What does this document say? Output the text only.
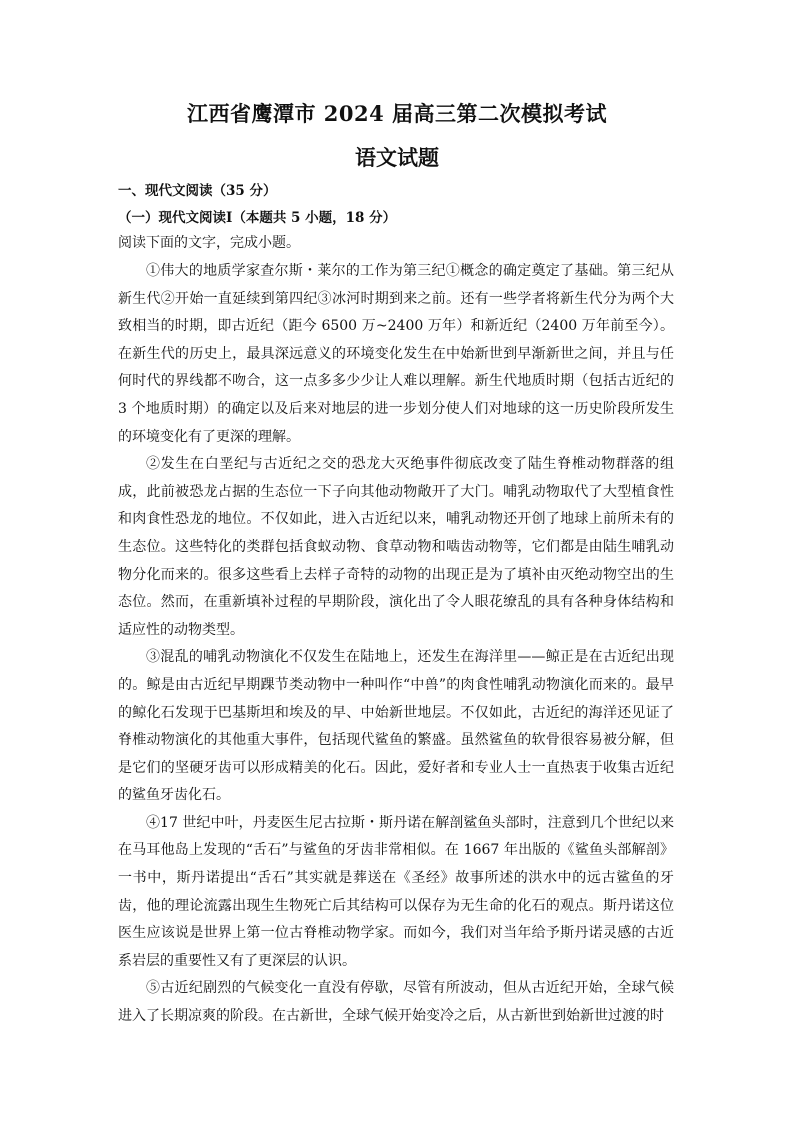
江西省鹰潭市 2024 届高三第二次模拟考试
语文试题
一、现代文阅读（35 分）
（一）现代文阅读Ⅰ（本题共 5 小题，18 分）
阅读下面的文字，完成小题。

①伟大的地质学家查尔斯・莱尔的工作为第三纪①概念的确定奠定了基础。第三纪从新生代②开始一直延续到第四纪③冰河时期到来之前。还有一些学者将新生代分为两个大致相当的时期，即古近纪（距今 6500 万~2400 万年）和新近纪（2400 万年前至今）。在新生代的历史上，最具深远意义的环境变化发生在中始新世到早渐新世之间，并且与任何时代的界线都不吻合，这一点多多少少让人难以理解。新生代地质时期（包括古近纪的 3 个地质时期）的确定以及后来对地层的进一步划分使人们对地球的这一历史阶段所发生的环境变化有了更深的理解。

②发生在白垩纪与古近纪之交的恐龙大灭绝事件彻底改变了陆生脊椎动物群落的组成，此前被恐龙占据的生态位一下子向其他动物敞开了大门。哺乳动物取代了大型植食性和肉食性恐龙的地位。不仅如此，进入古近纪以来，哺乳动物还开创了地球上前所未有的生态位。这些特化的类群包括食蚁动物、食草动物和啮齿动物等，它们都是由陆生哺乳动物分化而来的。很多这些看上去样子奇特的动物的出现正是为了填补由灭绝动物空出的生态位。然而，在重新填补过程的早期阶段，演化出了令人眼花缭乱的具有各种身体结构和适应性的动物类型。

③混乱的哺乳动物演化不仅发生在陆地上，还发生在海洋里——鲸正是在古近纪出现的。鲸是由古近纪早期踝节类动物中一种叫作“中兽”的肉食性哺乳动物演化而来的。最早的鲸化石发现于巴基斯坦和埃及的早、中始新世地层。不仅如此，古近纪的海洋还见证了脊椎动物演化的其他重大事件，包括现代鲨鱼的繁盛。虽然鲨鱼的软骨很容易被分解，但是它们的坚硬牙齿可以形成精美的化石。因此，爱好者和专业人士一直热衷于收集古近纪的鲨鱼牙齿化石。

④17 世纪中叶，丹麦医生尼古拉斯・斯丹诺在解剖鲨鱼头部时，注意到几个世纪以来在马耳他岛上发现的“舌石”与鲨鱼的牙齿非常相似。在 1667 年出版的《鲨鱼头部解剖》一书中，斯丹诺提出“舌石”其实就是葬送在《圣经》故事所述的洪水中的远古鲨鱼的牙齿，他的理论流露出现生生物死亡后其结构可以保存为无生命的化石的观点。斯丹诺这位医生应该说是世界上第一位古脊椎动物学家。而如今，我们对当年给予斯丹诺灵感的古近系岩层的重要性又有了更深层的认识。

⑤古近纪剧烈的气候变化一直没有停歇，尽管有所波动，但从古近纪开始，全球气候进入了长期凉爽的阶段。在古新世，全球气候开始变冷之后，从古新世到始新世过渡的时
